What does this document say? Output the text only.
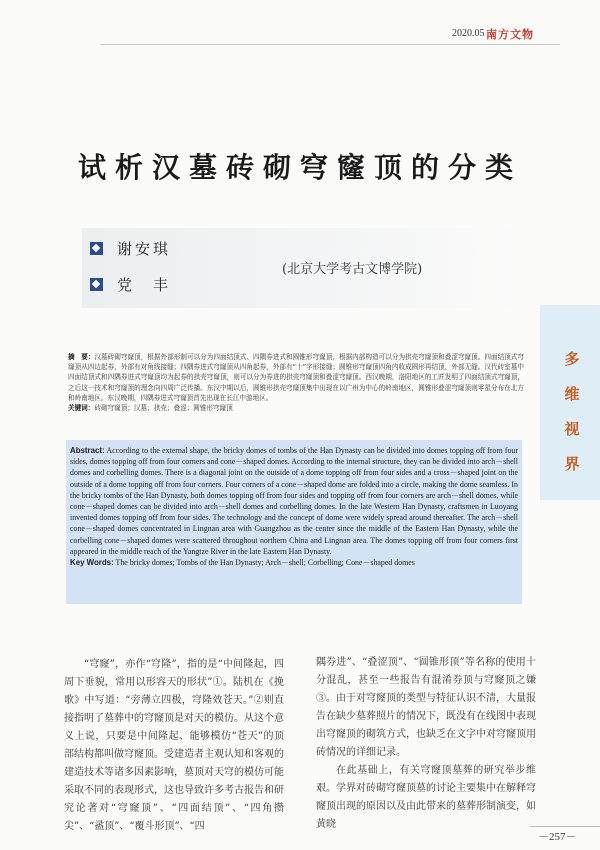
2020.05 南方文物
试析汉墓砖砌穹窿顶的分类
谢安琪
党　丰
(北京大学考古文博学院)
多
维
视
界
摘　要：汉墓砖砌穹窿顶，根据外部形制可以分为四面结顶式、四隅券进式和圆锥形穹窿顶，根据内部构造可以分为拱壳穹窿顶和叠涩穹窿顶。四面结顶式穹窿顶从四边起券，外部有对角线接缝；四隅券进式穹窿顶从四角起券，外部有“十”字形接缝；圆锥形穹窿顶四角内收成圆形再结顶，外部无缝。汉代砖室墓中四面结顶式和四隅券进式穹窿顶均为起券的拱壳穹窿顶，则可以分为券进的拱壳穹窿顶和叠涩穹窿顶。西汉晚期，洛阳地区的工匠发明了四面结顶式穹窿顶，之后这一技术和穹窿顶的理念向四周广泛传播。东汉中期以后，圆锥形拱壳穹窿顶集中出现在以广州为中心的岭南地区，圆锥形叠涩穹窿顶则零星分布在北方和岭南地区。东汉晚期，四隅券进式穹窿顶首先出现在长江中游地区。
关键词：砖砌穹窿顶；汉墓；拱壳；叠涩；圆锥形穹窿顶
Abstract: According to the external shape, the bricky domes of tombs of the Han Dynasty can be divided into domes topping off from four sides, domes topping off from four corners and cone－shaped domes. According to the internal structure, they can be divided into arch－shell domes and corbelling domes. There is a diagonal joint on the outside of a dome topping off from four sides and a cross－shaped joint on the outside of a dome topping off from four corners. Four corners of a cone－shaped dome are folded into a circle, making the dome seamless. In the bricky tombs of the Han Dynasty, both domes topping off from four sides and topping off from four corners are arch－shell domes, while cone－shaped domes can be divided into arch－shell domes and corbelling domes. In the late Western Han Dynasty, craftsmen in Luoyang invented domes topping off from four sides. The technology and the concept of dome were widely spread around thereafter. The arch－shell cone－shaped domes concentrated in Lingnan area with Guangzhou as the center since the middle of the Eastern Han Dynasty, while the corbelling cone－shaped domes were scattered throughout northern China and Lingnan area. The domes topping off from four corners first appeared in the middle reach of the Yangtze River in the late Eastern Han Dynasty.
Key Words: The bricky domes; Tombs of the Han Dynasty; Arch－shell; Corbelling; Cone－shaped domes

“穹窿”，亦作“穹隆”，指的是“中间隆起，四周下垂貌，常用以形容天的形状”①。陆机在《挽歌》中写道：“旁薄立四极，穹隆效苍天。”②则直接指明了墓葬中的穹窿顶是对天的模仿。从这个意义上说，只要是中间隆起、能够模仿“苍天”的顶部结构都叫做穹窿顶。受建造者主观认知和客观的建造技术等诸多因素影响，墓顶对天穹的模仿可能采取不同的表现形式，这也导致许多考古报告和研究论著对“穹窿顶”、“四面结顶”、“四角攒尖”、“盝顶”、“覆斗形顶”、“四

隅券进”、“叠涩顶”、“圆锥形顶”等名称的使用十分混乱，甚至一些报告有混淆券顶与穹窿顶之嫌③。由于对穹窿顶的类型与特征认识不清，大量报告在缺少墓葬照片的情况下，既没有在线图中表现出穹窿顶的砌筑方式，也缺乏在文字中对穹窿顶用砖情况的详细记录。

在此基础上，有关穹窿顶墓葬的研究举步维艰。学界对砖砌穹窿顶墓的讨论主要集中在解释穹窿顶出现的原因以及由此带来的墓葬形制演变，如黄晓

－257－
